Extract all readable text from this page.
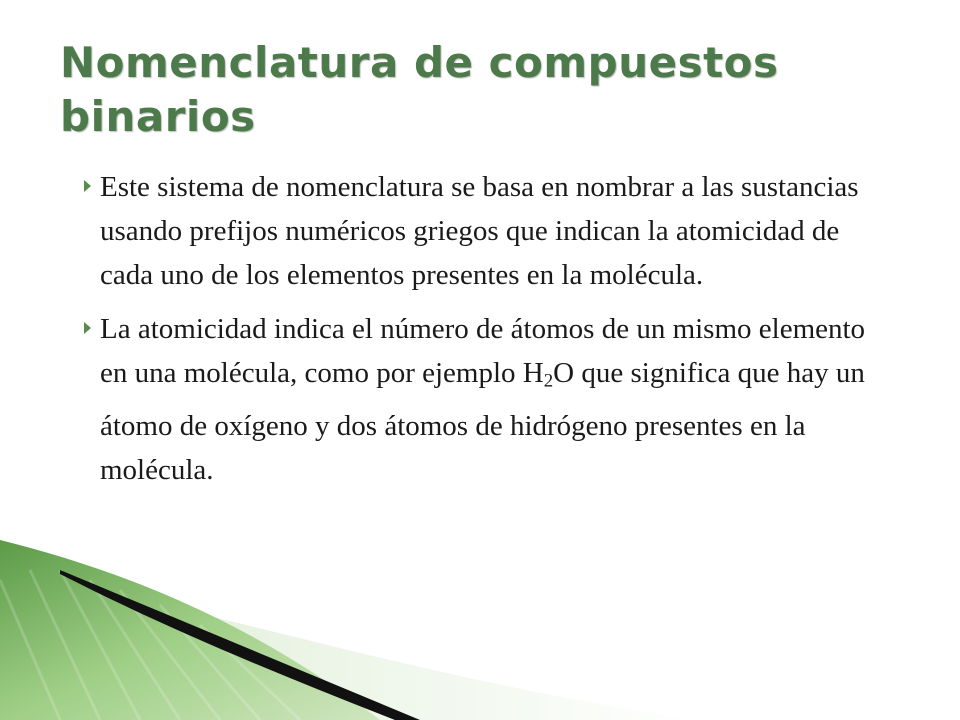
Nomenclatura de compuestos binarios
Este sistema de nomenclatura se basa en nombrar a las sustancias usando prefijos numéricos griegos que indican la atomicidad de cada uno de los elementos presentes en la molécula.
La atomicidad indica el número de átomos de un mismo elemento en una molécula, como por ejemplo $H_2O$ que significa que hay un átomo de oxígeno y dos átomos de hidrógeno presentes en la molécula.
